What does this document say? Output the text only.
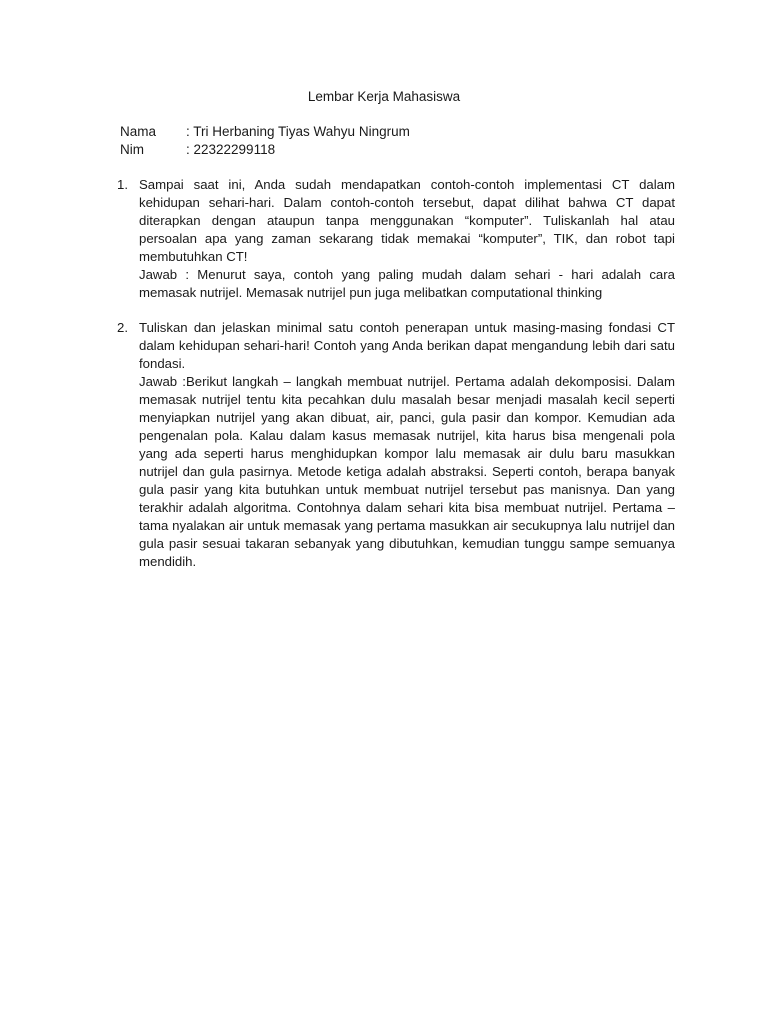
Lembar Kerja Mahasiswa
Nama	: Tri Herbaning Tiyas Wahyu Ningrum
Nim	: 22322299118
1. Sampai saat ini, Anda sudah mendapatkan contoh-contoh implementasi CT dalam kehidupan sehari-hari. Dalam contoh-contoh tersebut, dapat dilihat bahwa CT dapat diterapkan dengan ataupun tanpa menggunakan “komputer”. Tuliskanlah hal atau persoalan apa yang zaman sekarang tidak memakai “komputer”, TIK, dan robot tapi membutuhkan CT!

Jawab : Menurut saya, contoh yang paling mudah dalam sehari - hari adalah cara memasak nutrijel. Memasak nutrijel pun juga melibatkan computational thinking

2. Tuliskan dan jelaskan minimal satu contoh penerapan untuk masing-masing fondasi CT dalam kehidupan sehari-hari! Contoh yang Anda berikan dapat mengandung lebih dari satu fondasi.

Jawab :Berikut langkah – langkah membuat nutrijel. Pertama adalah dekomposisi. Dalam memasak nutrijel tentu kita pecahkan dulu masalah besar menjadi masalah kecil seperti menyiapkan nutrijel yang akan dibuat, air, panci, gula pasir dan kompor. Kemudian ada pengenalan pola. Kalau dalam kasus memasak nutrijel, kita harus bisa mengenali pola yang ada seperti harus menghidupkan kompor lalu memasak air dulu baru masukkan nutrijel dan gula pasirnya. Metode ketiga adalah abstraksi. Seperti contoh, berapa banyak gula pasir yang kita butuhkan untuk membuat nutrijel tersebut pas manisnya. Dan yang terakhir adalah algoritma. Contohnya dalam sehari kita bisa membuat nutrijel. Pertama – tama nyalakan air untuk memasak yang pertama masukkan air secukupnya lalu nutrijel dan gula pasir sesuai takaran sebanyak yang dibutuhkan, kemudian tunggu sampe semuanya mendidih.
